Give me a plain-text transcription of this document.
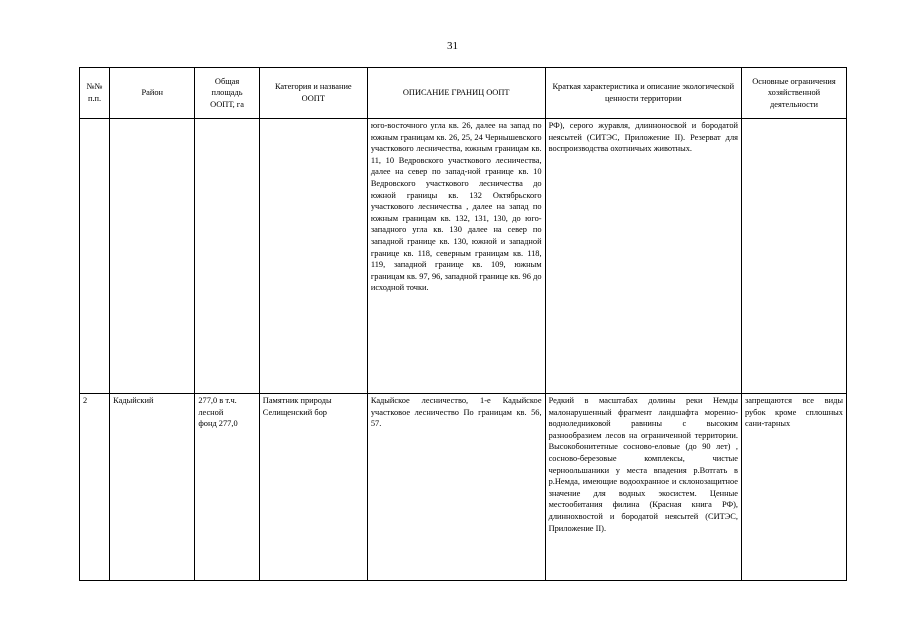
31
№№ п.п.	Район	Общая площадь ООПТ, га	Категория и название ООПТ	ОПИСАНИЕ ГРАНИЦ ООПТ	Краткая характеристика и описание экологической ценности территории	Основные ограничения хозяйственной деятельности
				юго-восточного угла кв. 26, далее на запад по южным границам кв. 26, 25, 24 Чернышевского участкового лесничества, южным границам кв. 11, 10 Ведровского участкового лесничества, далее на север по запад-ной границе кв. 10 Ведровского участкового лесничества до южной границы кв. 132 Октябрьского участкового лесничества , далее на запад по южным границам кв. 132, 131, 130, до юго-западного угла кв. 130 далее на север по западной границе кв. 130, южной и западной границе кв. 118, северным границам кв. 118, 119, западной границе кв. 109, южным границам кв. 97, 96, западной границе кв. 96 до исходной точки.	РФ), серого журавля, длинноносвой и бородатой неясытей (СИТЭС, Приложение II). Резерват для воспроизводства охотничьих животных.	
2	Кадыйский	277,0 в т.ч. лесной фонд 277,0	Памятник природы Селищенский бор	Кадыйское лесничество, 1-е Кадыйское участковое лесничество По границам кв. 56, 57.	Редкий в масштабах долины реки Немды малонарушенный фрагмент ландшафта моренно-водноледниковой равнины с высоким разнообразием лесов на ограниченной территории. Высокобонитетные сосново-еловые (до 90 лет) , сосново-березовые комплексы, чистые черноольшаники у места впадения р.Вотгать в р.Немда, имеющие водоохранное и склонозащитное значение для водных экосистем. Ценные местообитания филина (Красная книга РФ), длиннохвостой и бородатой неясытей (СИТЭС, Приложение II).	запрещаются все виды рубок кроме сплошных сани-тарных
